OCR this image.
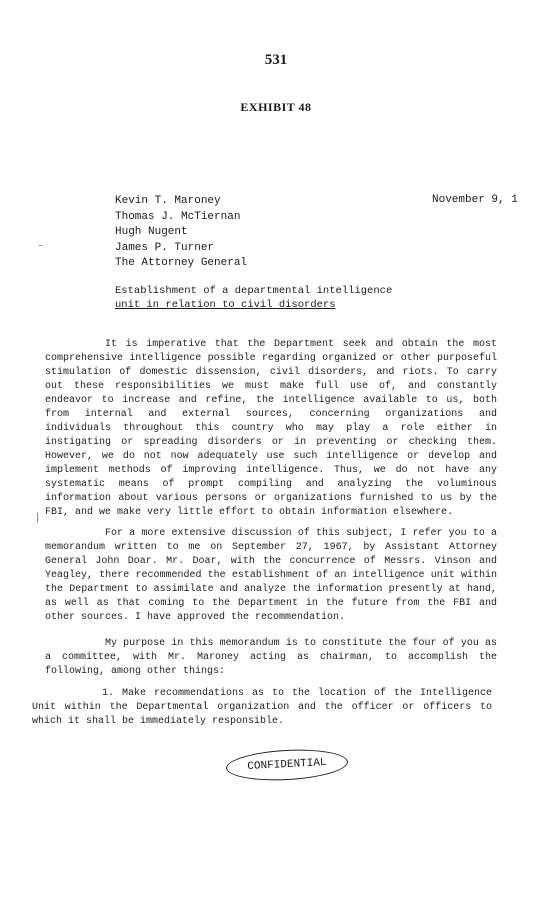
531
EXHIBIT 48
November 9, 1
Kevin T. Maroney
Thomas J. McTiernan
Hugh Nugent
James P. Turner
The Attorney General
Establishment of a departmental intelligence
unit in relation to civil disorders

It is imperative that the Department seek and obtain the most comprehensive intelligence possible regarding organized or other purposeful stimulation of domestic dissension, civil disorders, and riots. To carry out these responsibilities we must make full use of, and constantly endeavor to increase and refine, the intelligence available to us, both from internal and external sources, concerning organizations and individuals throughout this country who may play a role either in instigating or spreading disorders or in preventing or checking them. However, we do not now adequately use such intelligence or develop and implement methods of improving intelligence. Thus, we do not have any systematic means of prompt compiling and analyzing the voluminous information about various persons or organizations furnished to us by the FBI, and we make very little effort to obtain information elsewhere.

For a more extensive discussion of this subject, I refer you to a memorandum written to me on September 27, 1967, by Assistant Attorney General John Doar. Mr. Doar, with the concurrence of Messrs. Vinson and Yeagley, there recommended the establishment of an intelligence unit within the Department to assimilate and analyze the information presently at hand, as well as that coming to the Department in the future from the FBI and other sources. I have approved the recommendation.

My purpose in this memorandum is to constitute the four of you as a committee, with Mr. Maroney acting as chairman, to accomplish the following, among other things:

1. Make recommendations as to the location of the Intelligence Unit within the Departmental organization and the officer or officers to which it shall be immediately responsible.

CONFIDENTIAL
–
|
